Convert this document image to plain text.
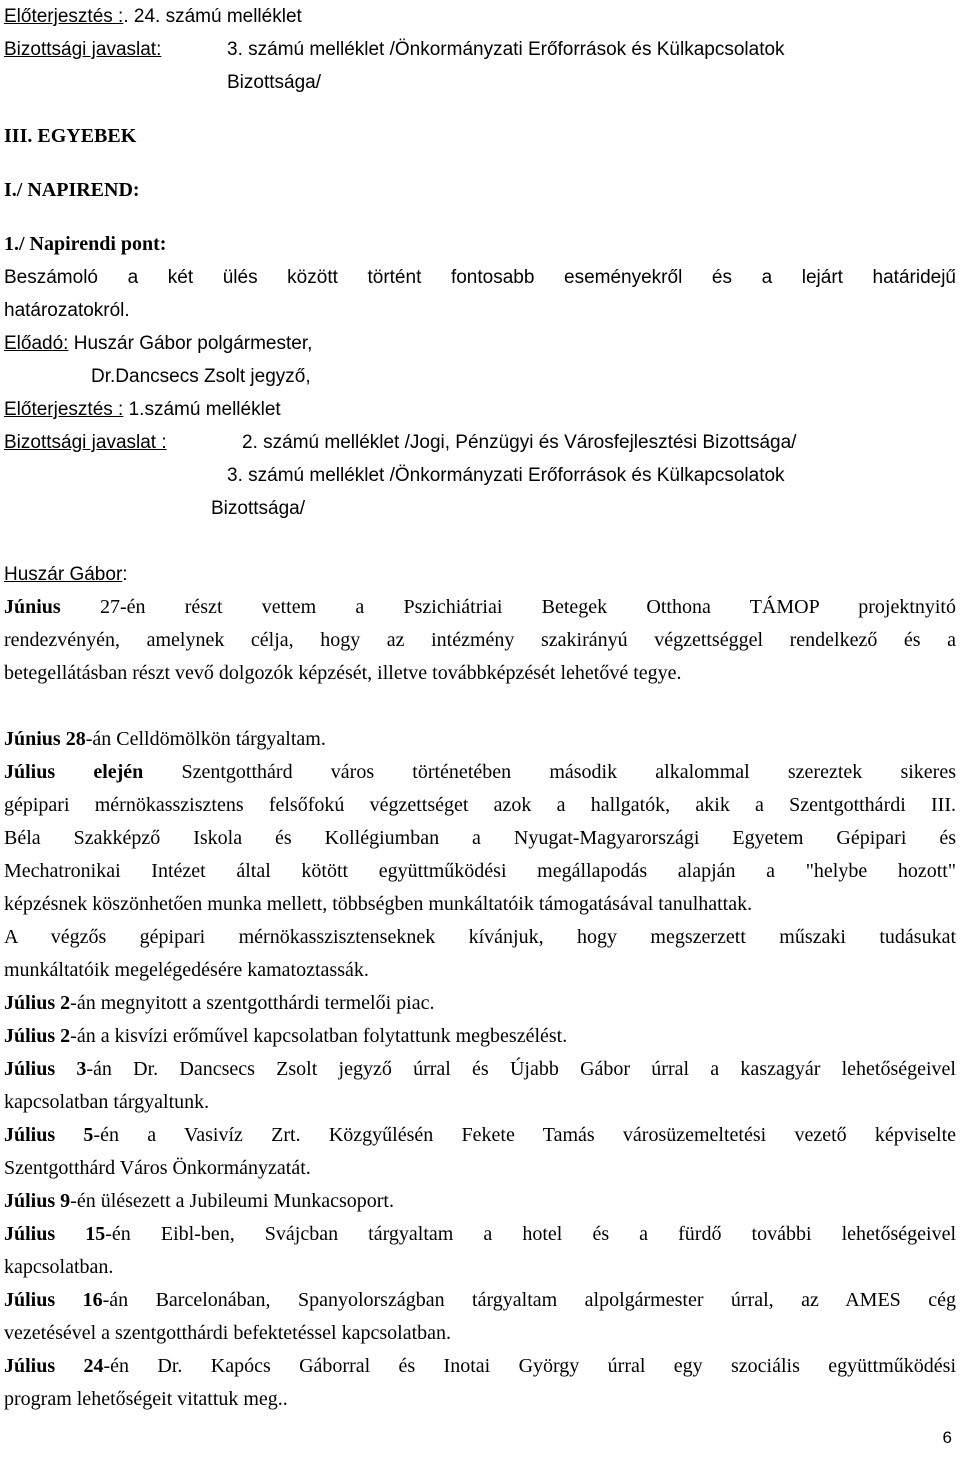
Előterjesztés :. 24. számú melléklet
Bizottsági javaslat:	3. számú melléklet /Önkormányzati Erőforrások és Külkapcsolatok
Bizottsága/
III. EGYEBEK
I./ NAPIREND:
1./ Napirendi pont:
Beszámoló a két ülés között történt fontosabb eseményekről és a lejárt határidejű
határozatokról.
Előadó: Huszár Gábor polgármester,
Dr.Dancsecs Zsolt jegyző,
Előterjesztés : 1.számú melléklet
Bizottsági javaslat :	2. számú melléklet /Jogi, Pénzügyi és Városfejlesztési Bizottsága/
3. számú melléklet /Önkormányzati Erőforrások és Külkapcsolatok
Bizottsága/
Huszár Gábor:
Június 27-én részt vettem a Pszichiátriai Betegek Otthona TÁMOP projektnyitó
rendezvényén, amelynek célja, hogy az intézmény szakirányú végzettséggel rendelkező és a
betegellátásban részt vevő dolgozók képzését, illetve továbbképzését lehetővé tegye.
Június 28-án Celldömölkön tárgyaltam.
Július elején Szentgotthárd város történetében második alkalommal szereztek sikeres
gépipari mérnökasszisztens felsőfokú végzettséget azok a hallgatók, akik a Szentgotthárdi III.
Béla Szakképző Iskola és Kollégiumban a Nyugat-Magyarországi Egyetem Gépipari és
Mechatronikai Intézet által kötött együttműködési megállapodás alapján a "helybe hozott"
képzésnek köszönhetően munka mellett, többségben munkáltatóik támogatásával tanulhattak.
A végzős gépipari mérnökasszisztenseknek kívánjuk, hogy megszerzett műszaki tudásukat
munkáltatóik megelégedésére kamatoztassák.
Július 2-án megnyitott a szentgotthárdi termelői piac.
Július 2-án a kisvízi erőművel kapcsolatban folytattunk megbeszélést.
Július 3-án Dr. Dancsecs Zsolt jegyző úrral és Újabb Gábor úrral a kaszagyár lehetőségeivel
kapcsolatban tárgyaltunk.
Július 5-én a Vasivíz Zrt. Közgyűlésén Fekete Tamás városüzemeltetési vezető képviselte
Szentgotthárd Város Önkormányzatát.
Július 9-én ülésezett a Jubileumi Munkacsoport.
Július 15-én Eibl-ben, Svájcban tárgyaltam a hotel és a fürdő további lehetőségeivel
kapcsolatban.
Július 16-án Barcelonában, Spanyolországban tárgyaltam alpolgármester úrral, az AMES cég
vezetésével a szentgotthárdi befektetéssel kapcsolatban.
Július 24-én Dr. Kapócs Gáborral és Inotai György úrral egy szociális együttműködési
program lehetőségeit vitattuk meg..
6
